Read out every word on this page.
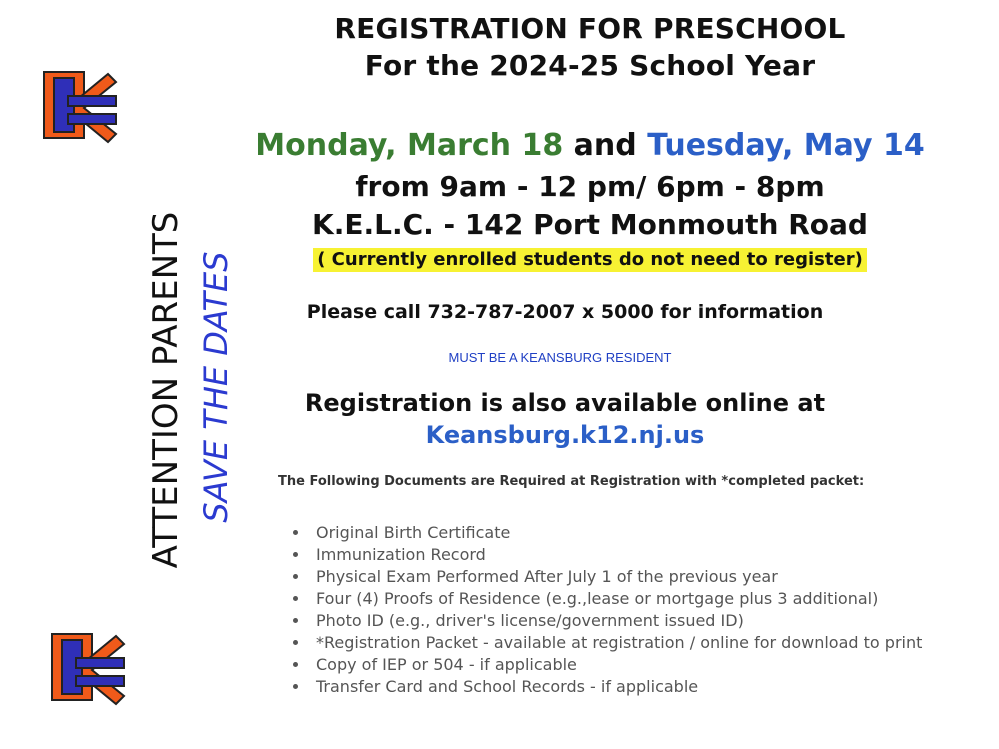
ATTENTION PARENTS SAVE THE DATES
REGISTRATION FOR PRESCHOOL
For the 2024-25 School Year
Monday, March 18 and Tuesday, May 14
from 9am - 12 pm/ 6pm - 8pm
K.E.L.C. - 142 Port Monmouth Road
( Currently enrolled students do not need to register)
Please call 732-787-2007 x 5000 for information
MUST BE A KEANSBURG RESIDENT
Registration is also available online at
Keansburg.k12.nj.us
The Following Documents are Required at Registration with *completed packet:
• Original Birth Certificate
• Immunization Record
• Physical Exam Performed After July 1 of the previous year
• Four (4) Proofs of Residence (e.g.,lease or mortgage plus 3 additional)
• Photo ID (e.g., driver's license/government issued ID)
• *Registration Packet - available at registration / online for download to print
• Copy of IEP or 504 - if applicable
• Transfer Card and School Records - if applicable
